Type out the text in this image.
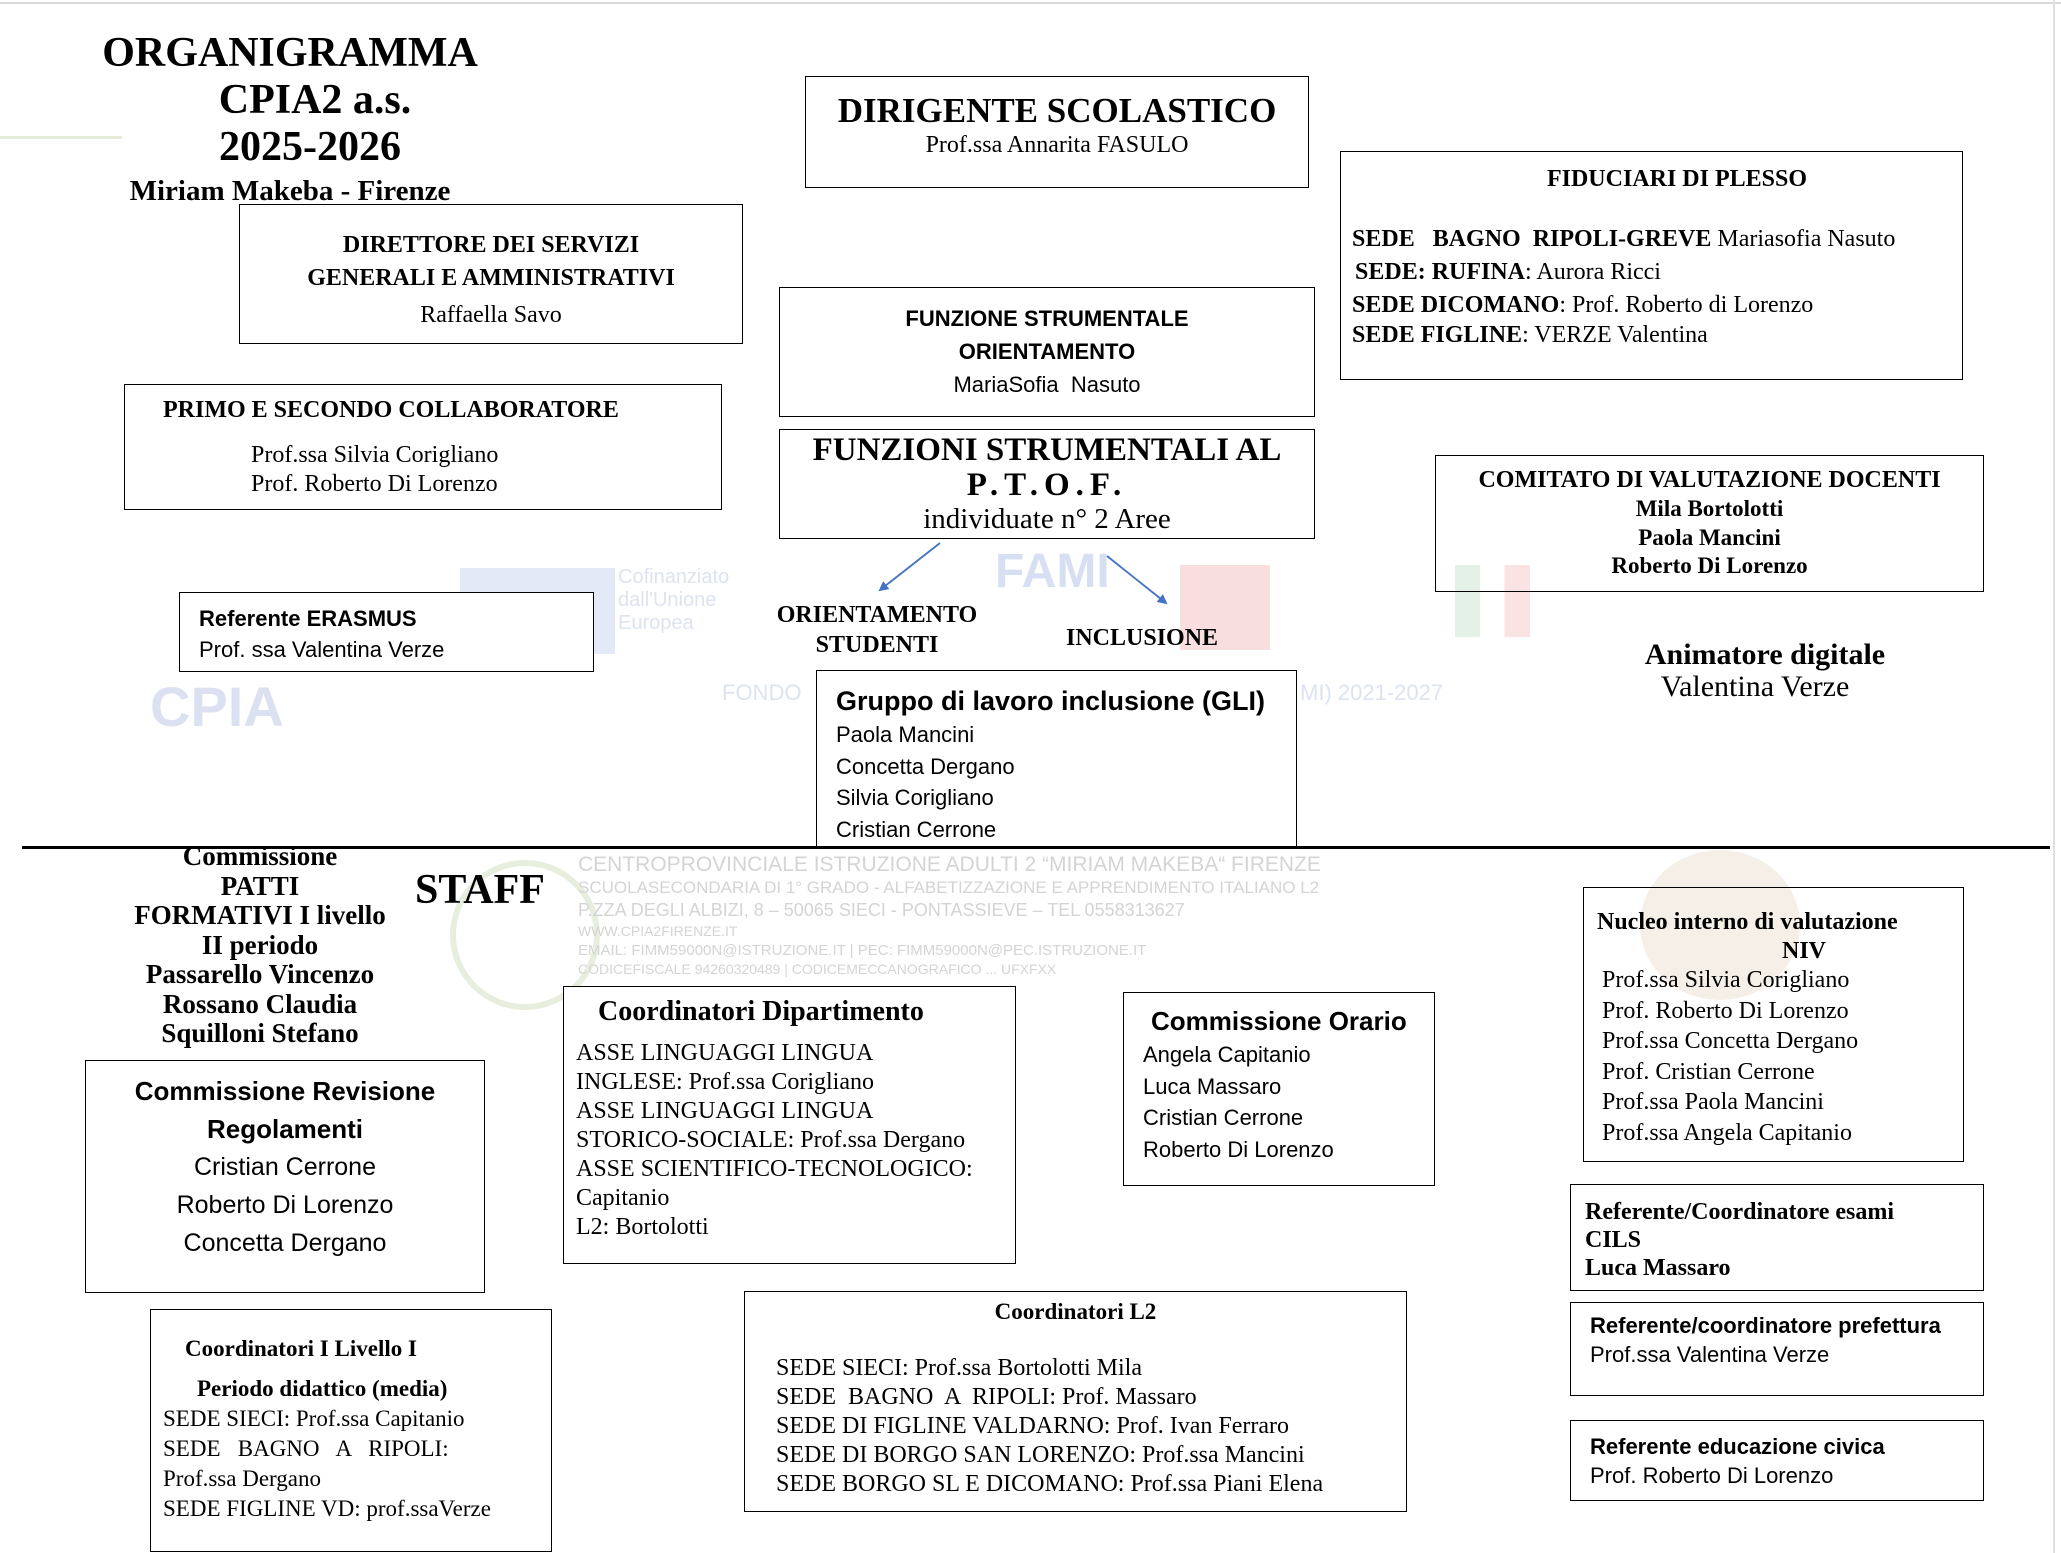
CPIA
Cofinanziato dall'Unione Europea
FAMI
FONDO	MI) 2021-2027
CENTROPROVINCIALE ISTRUZIONE ADULTI 2 “MIRIAM MAKEBA“ FIRENZE
SCUOLASECONDARIA DI 1° GRADO - ALFABETIZZAZIONE E APPRENDIMENTO ITALIANO L2
P.ZZA DEGLI ALBIZI, 8 – 50065 SIECI - PONTASSIEVE – TEL 0558313627
WWW.CPIA2FIRENZE.IT
EMAIL: FIMM59000N@ISTRUZIONE.IT | PEC: FIMM59000N@PEC.ISTRUZIONE.IT
CODICEFISCALE 94260320489 | CODICEMECCANOGRAFICO ... UFXFXX
ORGANIGRAMMA
CPIA2 a.s.
2025-2026
Miriam Makeba - Firenze
DIRIGENTE SCOLASTICO
Prof.ssa Annarita FASULO
DIRETTORE DEI SERVIZI
GENERALI E AMMINISTRATIVI
Raffaella Savo
FIDUCIARI DI PLESSO
SEDE   BAGNO  RIPOLI-GREVE Mariasofia Nasuto
SEDE: RUFINA: Aurora Ricci
SEDE DICOMANO: Prof. Roberto di Lorenzo
SEDE FIGLINE: VERZE Valentina
FUNZIONE STRUMENTALE
ORIENTAMENTO
MariaSofia  Nasuto
PRIMO E SECONDO COLLABORATORE
Prof.ssa Silvia Corigliano
Prof. Roberto Di Lorenzo
FUNZIONI STRUMENTALI AL
P.T.O.F.
individuate n° 2 Aree
COMITATO DI VALUTAZIONE DOCENTI
Mila Bortolotti
Paola Mancini
Roberto Di Lorenzo
Referente ERASMUS
Prof. ssa Valentina Verze
ORIENTAMENTO
STUDENTI	INCLUSIONE	Animatore digitale
Valentina Verze
Gruppo di lavoro inclusione (GLI)
Paola Mancini
Concetta Dergano
Silvia Corigliano
Cristian Cerrone
STAFF
Commissione
PATTI
FORMATIVI I livello
II periodo
Passarello Vincenzo
Rossano Claudia
Squilloni Stefano
Coordinatori Dipartimento
ASSE LINGUAGGI LINGUA
INGLESE: Prof.ssa Corigliano
ASSE LINGUAGGI LINGUA
STORICO-SOCIALE: Prof.ssa Dergano
ASSE SCIENTIFICO-TECNOLOGICO:
Capitanio
L2: Bortolotti
Commissione Orario
Angela Capitanio
Luca Massaro
Cristian Cerrone
Roberto Di Lorenzo
Nucleo interno di valutazione
NIV
Prof.ssa Silvia Corigliano
Prof. Roberto Di Lorenzo
Prof.ssa Concetta Dergano
Prof. Cristian Cerrone
Prof.ssa Paola Mancini
Prof.ssa Angela Capitanio
Commissione Revisione
Regolamenti
Cristian Cerrone
Roberto Di Lorenzo
Concetta Dergano
Referente/Coordinatore esami
CILS
Luca Massaro
Referente/coordinatore prefettura
Prof.ssa Valentina Verze
Referente educazione civica
Prof. Roberto Di Lorenzo
Coordinatori I Livello I
Periodo didattico (media)
SEDE SIECI: Prof.ssa Capitanio
SEDE   BAGNO   A   RIPOLI:
Prof.ssa Dergano
SEDE FIGLINE VD: prof.ssaVerze
Coordinatori L2
SEDE SIECI: Prof.ssa Bortolotti Mila
SEDE  BAGNO  A  RIPOLI: Prof. Massaro
SEDE DI FIGLINE VALDARNO: Prof. Ivan Ferraro
SEDE DI BORGO SAN LORENZO: Prof.ssa Mancini
SEDE BORGO SL E DICOMANO: Prof.ssa Piani Elena
